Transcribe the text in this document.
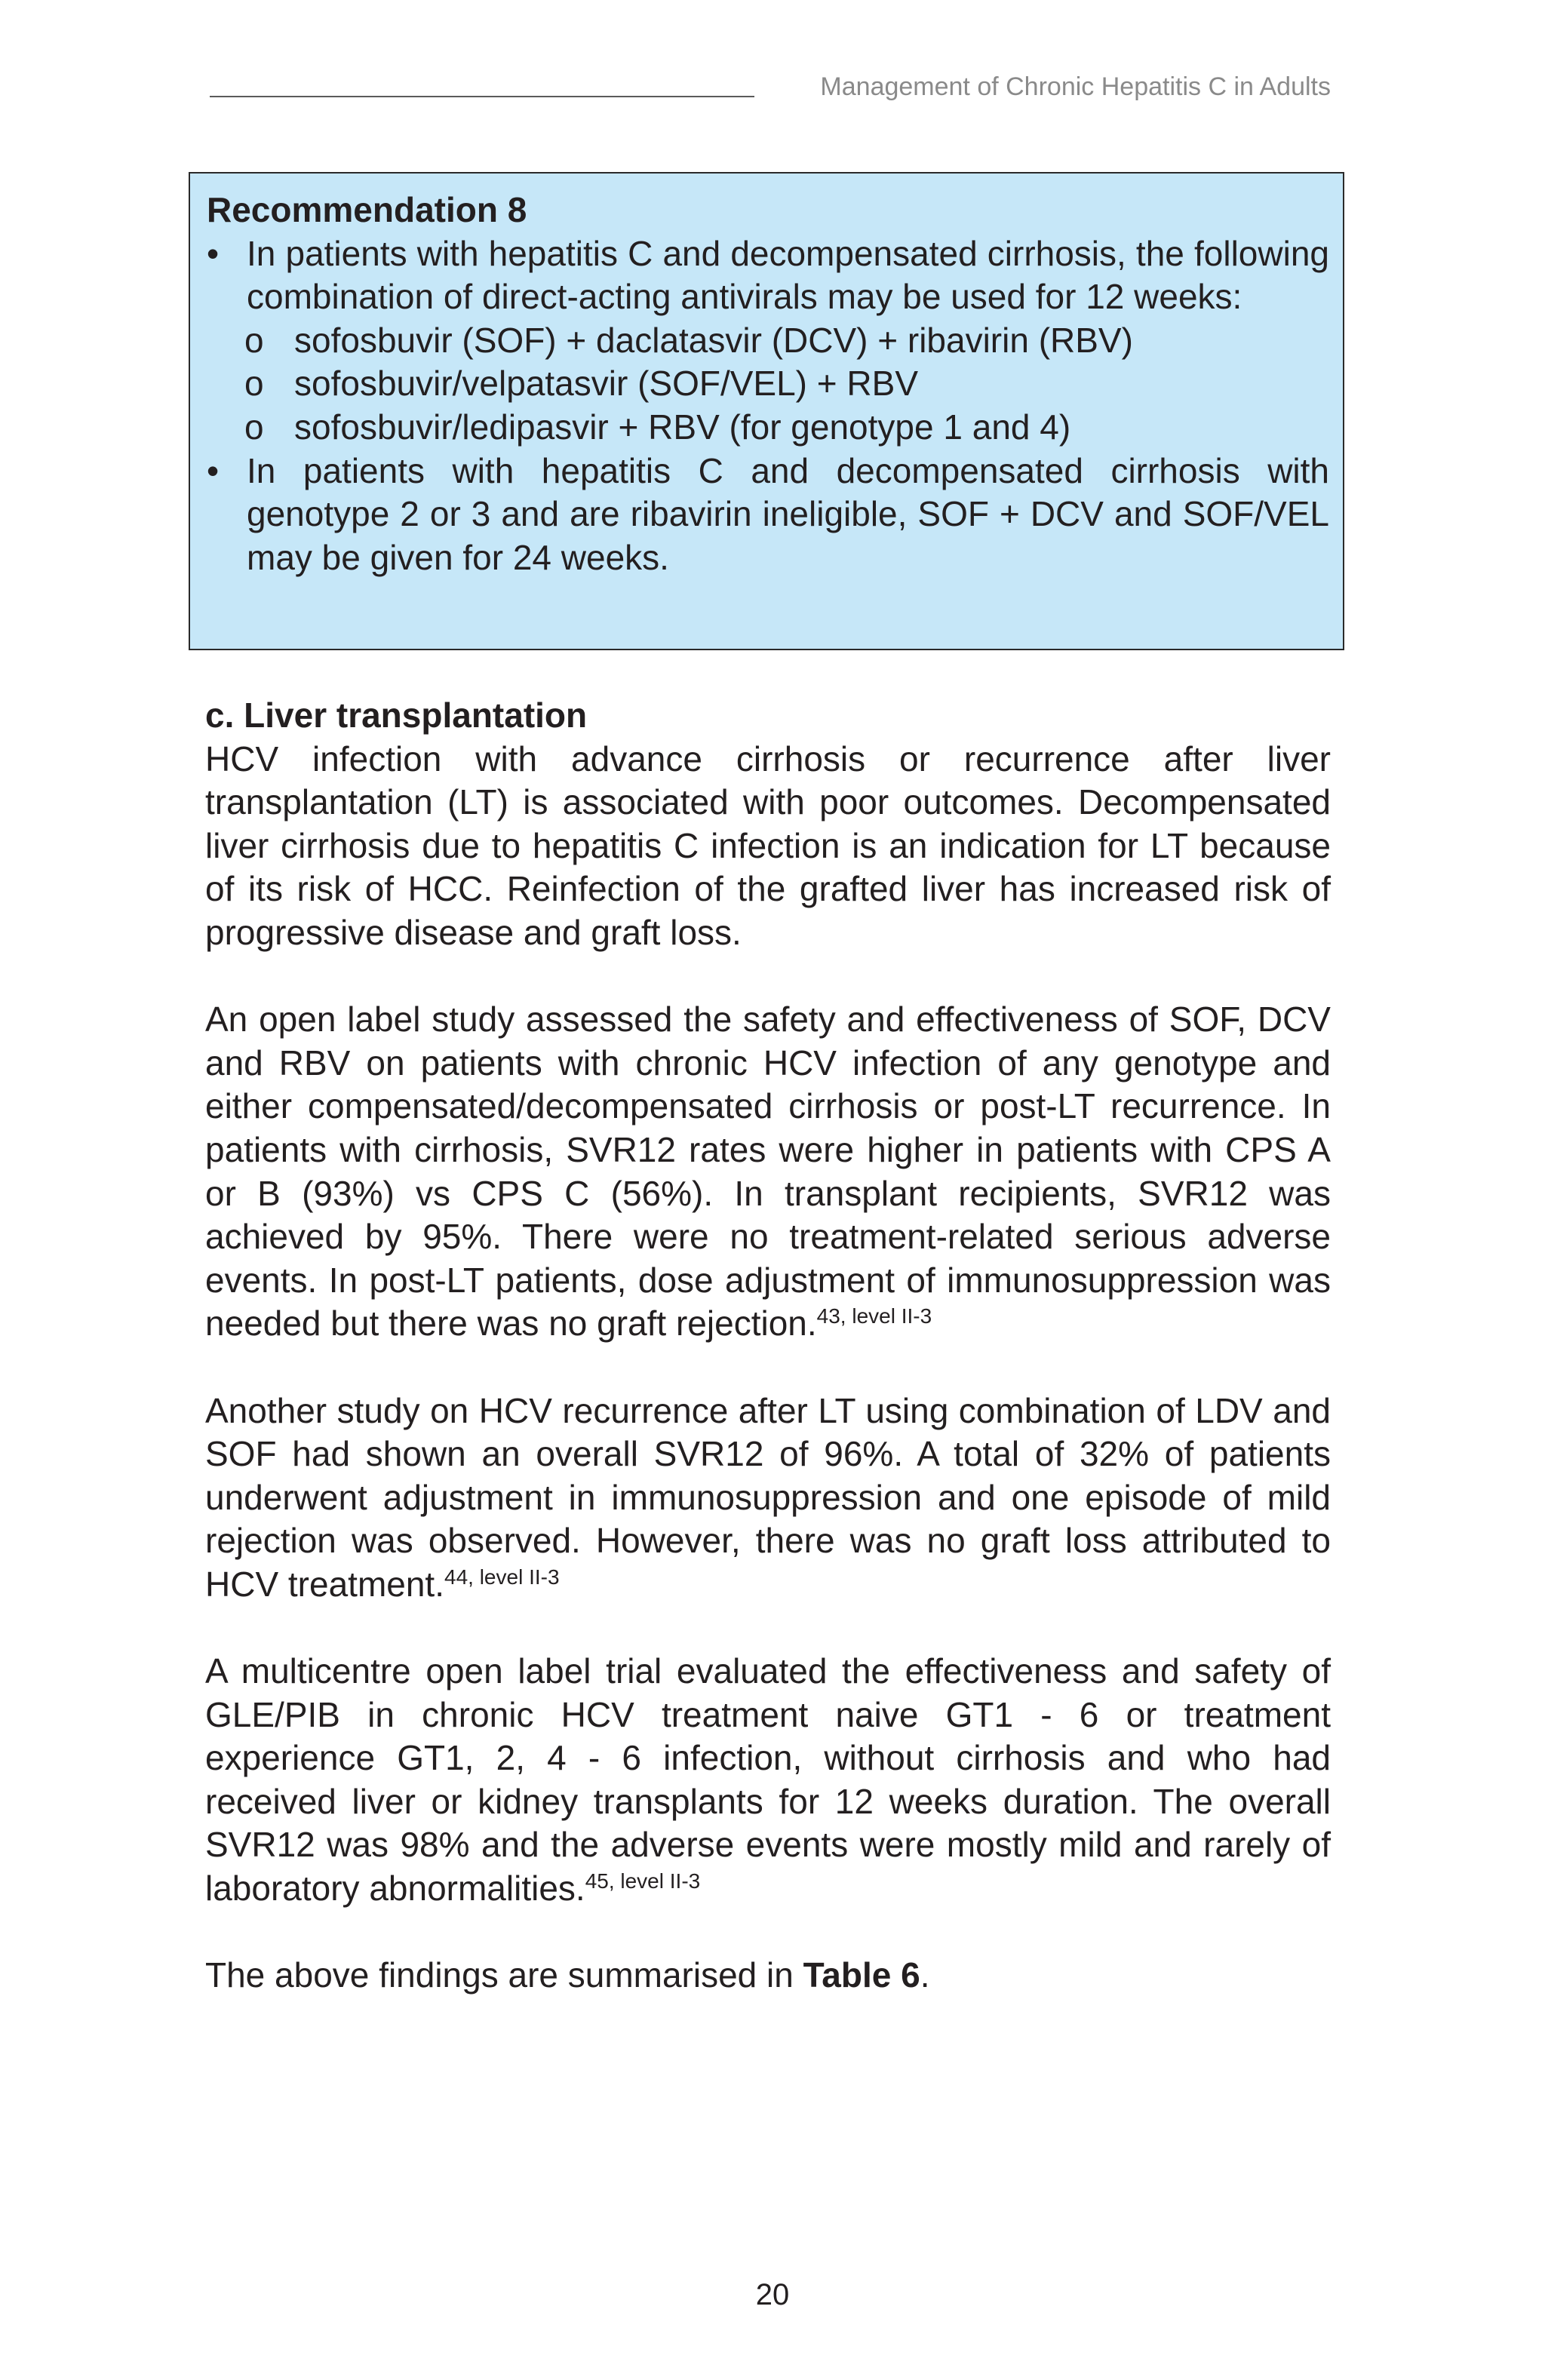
Management of Chronic Hepatitis C in Adults
Recommendation 8
• In patients with hepatitis C and decompensated cirrhosis, the following combination of direct-acting antivirals may be used for 12 weeks:
o sofosbuvir (SOF) + daclatasvir (DCV) + ribavirin (RBV)
o sofosbuvir/velpatasvir (SOF/VEL) + RBV
o sofosbuvir/ledipasvir + RBV (for genotype 1 and 4)
• In patients with hepatitis C and decompensated cirrhosis with genotype 2 or 3 and are ribavirin ineligible, SOF + DCV and SOF/VEL may be given for 24 weeks.
c. Liver transplantation

HCV infection with advance cirrhosis or recurrence after liver transplantation (LT) is associated with poor outcomes. Decompensated liver cirrhosis due to hepatitis C infection is an indication for LT because of its risk of HCC. Reinfection of the grafted liver has increased risk of progressive disease and graft loss.

An open label study assessed the safety and effectiveness of SOF, DCV and RBV on patients with chronic HCV infection of any genotype and either compensated/decompensated cirrhosis or post-LT recurrence. In patients with cirrhosis, SVR12 rates were higher in patients with CPS A or B (93%) vs CPS C (56%). In transplant recipients, SVR12 was achieved by 95%. There were no treatment-related serious adverse events. In post-LT patients, dose adjustment of immunosuppression was needed but there was no graft rejection.$^{43, level II-3}$

Another study on HCV recurrence after LT using combination of LDV and SOF had shown an overall SVR12 of 96%. A total of 32% of patients underwent adjustment in immunosuppression and one episode of mild rejection was observed. However, there was no graft loss attributed to HCV treatment.$^{44, level II-3}$

A multicentre open label trial evaluated the effectiveness and safety of GLE/PIB in chronic HCV treatment naive GT1 - 6 or treatment experience GT1, 2, 4 - 6 infection, without cirrhosis and who had received liver or kidney transplants for 12 weeks duration. The overall SVR12 was 98% and the adverse events were mostly mild and rarely of laboratory abnormalities.$^{45, level II-3}$

The above findings are summarised in Table 6.

20
